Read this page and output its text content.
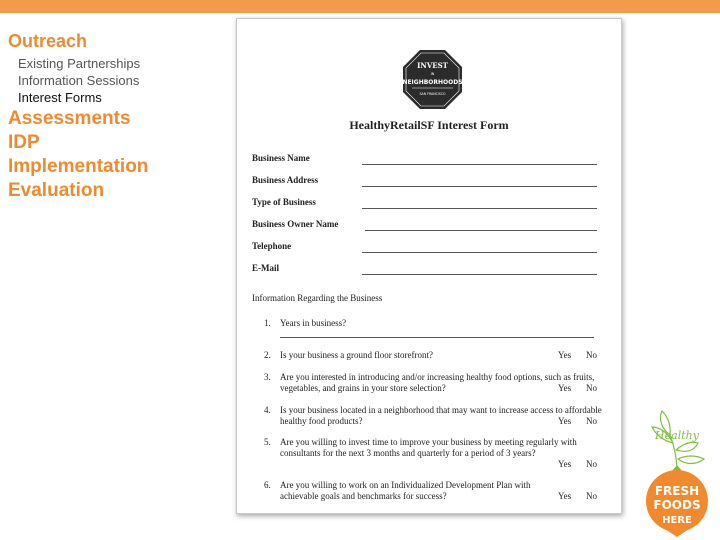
Outreach
Existing Partnerships
Information Sessions
Interest Forms
Assessments
IDP
Implementation
Evaluation
INVEST
IN
NEIGHBORHOODS
SAN FRANCISCO
HealthyRetailSF Interest Form
Business Name
Business Address
Type of Business
Business Owner Name
Telephone
E-Mail
Information Regarding the Business
1. Years in business?
2. Is your business a ground floor storefront?	Yes No
3. Are you interested in introducing and/or increasing healthy food options, such as fruits, vegetables, and grains in your store selection?	Yes No
4. Is your business located in a neighborhood that may want to increase access to affordable healthy food products?	Yes No
5. Are you willing to invest time to improve your business by meeting regularly with consultants for the next 3 months and quarterly for a period of 3 years?
Yes No
6. Are you willing to work on an Individualized Development Plan with achievable goals and benchmarks for success?	Yes No
Healthy
FRESH
FOODS
HERE
